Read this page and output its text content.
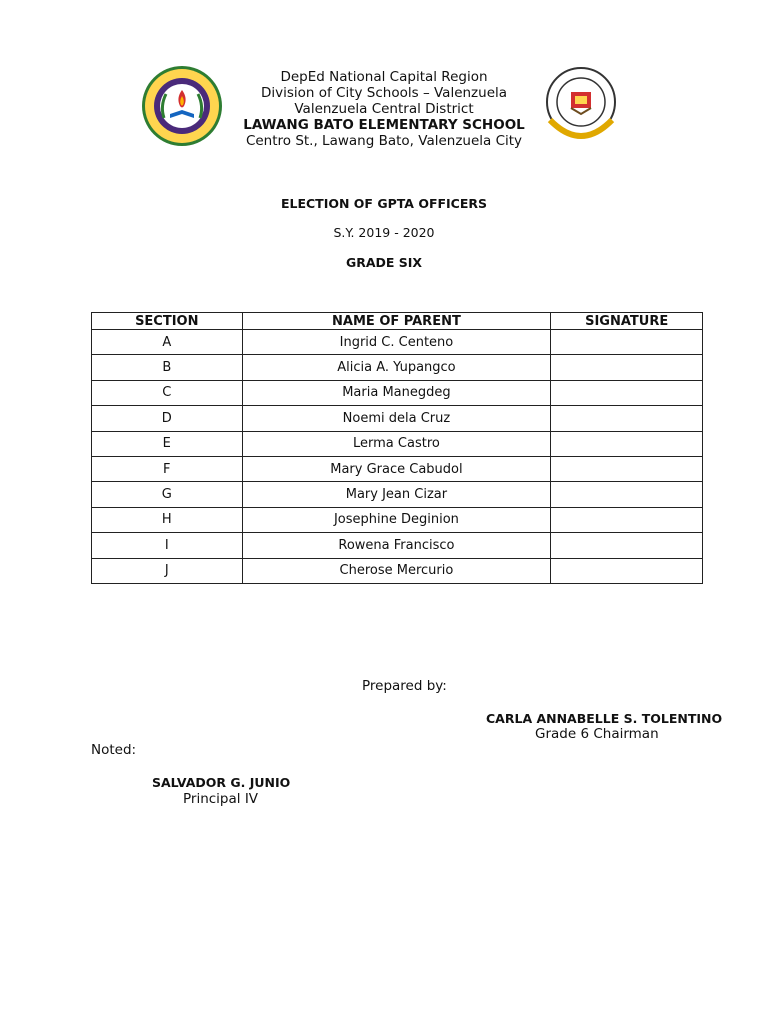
DepEd National Capital Region
Division of City Schools – Valenzuela
Valenzuela Central District
LAWANG BATO ELEMENTARY SCHOOL
Centro St., Lawang Bato, Valenzuela City
ELECTION OF GPTA OFFICERS
S.Y. 2019 - 2020
GRADE SIX
SECTION	NAME OF PARENT	SIGNATURE
A	Ingrid C. Centeno	
B	Alicia A. Yupangco	
C	Maria Manegdeg	
D	Noemi dela Cruz	
E	Lerma Castro	
F	Mary Grace Cabudol	
G	Mary Jean Cizar	
H	Josephine Deginion	
I	Rowena Francisco	
J	Cherose Mercurio	
Prepared by:
CARLA ANNABELLE S. TOLENTINO
Grade 6 Chairman
Noted:
SALVADOR G. JUNIO
Principal IV
